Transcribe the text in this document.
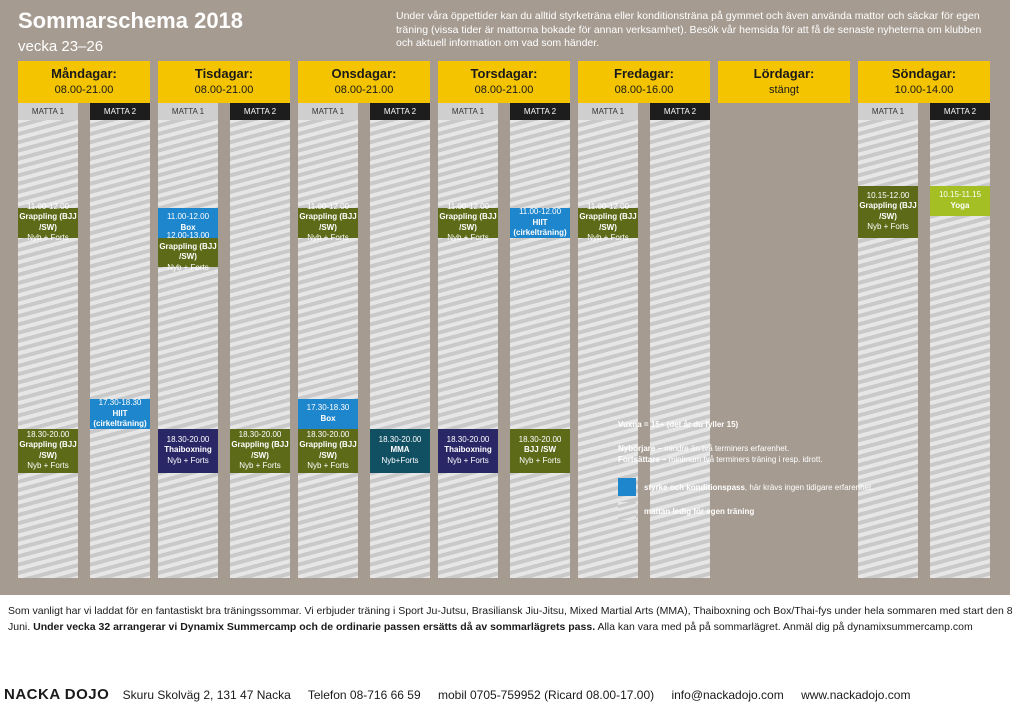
Sommarschema 2018
vecka 23–26
Under våra öppettider kan du alltid styrketräna eller konditionsträna på gymmet och även använda mattor och säckar för egen träning (vissa tider är mattorna bokade för annan verksamhet). Besök vår hemsida för att få de senaste nyheterna om klubben och aktuell information om vad som händer.
Måndagar:
08.00-21.00
MATTA 1
11.00-12.00
Grappling (BJJ /SW)
Nyb + Forts
18.30-20.00
Grappling (BJJ /SW)
Nyb + Forts
MATTA 2
17.30-18.30
HIIT (cirkelträning)
Tisdagar:
08.00-21.00
MATTA 1
11.00-12.00
Box
12.00-13.00
Grappling (BJJ /SW)
Nyb + Forts
18.30-20.00
Thaiboxning
Nyb + Forts
MATTA 2
18.30-20.00
Grappling (BJJ /SW)
Nyb + Forts
Onsdagar:
08.00-21.00
MATTA 1
11.00-12.00
Grappling (BJJ /SW)
Nyb + Forts
17.30-18.30
Box
18.30-20.00
Grappling (BJJ /SW)
Nyb + Forts
MATTA 2
18.30-20.00
MMA
Nyb+Forts
Torsdagar:
08.00-21.00
MATTA 1
11.00-12.00
Grappling (BJJ /SW)
Nyb + Forts
18.30-20.00
Thaiboxning
Nyb + Forts
MATTA 2
11.00-12.00
HIIT (cirkelträning)
18.30-20.00
BJJ /SW
Nyb + Forts
Fredagar:
08.00-16.00
MATTA 1
11.00-12.00
Grappling (BJJ /SW)
Nyb + Forts
MATTA 2
Lördagar:
stängt
Söndagar:
10.00-14.00
MATTA 1
10.15-12.00
Grappling (BJJ /SW)
Nyb + Forts
MATTA 2
10.15-11.15
Yoga
Vuxna = 15+ (det år du fyller 15)
Nybörjare – mindre än två terminers erfarenhet.
Fortsättare – minimum två terminers träning i resp. idrott.
styrke och konditionspass, här krävs ingen tidigare erfarenhet.
mattan ledig för egen träning
Som vanligt har vi laddat för en fantastiskt bra träningssommar. Vi erbjuder träning i Sport Ju-Jutsu, Brasiliansk Jiu-Jitsu, Mixed Martial Arts (MMA), Thaiboxning och Box/Thai-fys under hela sommaren med start den 8 Juni. Under vecka 32 arrangerar vi Dynamix Summercamp och de ordinarie passen ersätts då av sommarlägrets pass. Alla kan vara med på på sommarlägret. Anmäl dig på dynamixsummercamp.com
NACKA DOJO Skuru Skolväg 2, 131 47 Nacka Telefon 08-716 66 59 mobil 0705-759952 (Ricard 08.00-17.00) info@nackadojo.com www.nackadojo.com
